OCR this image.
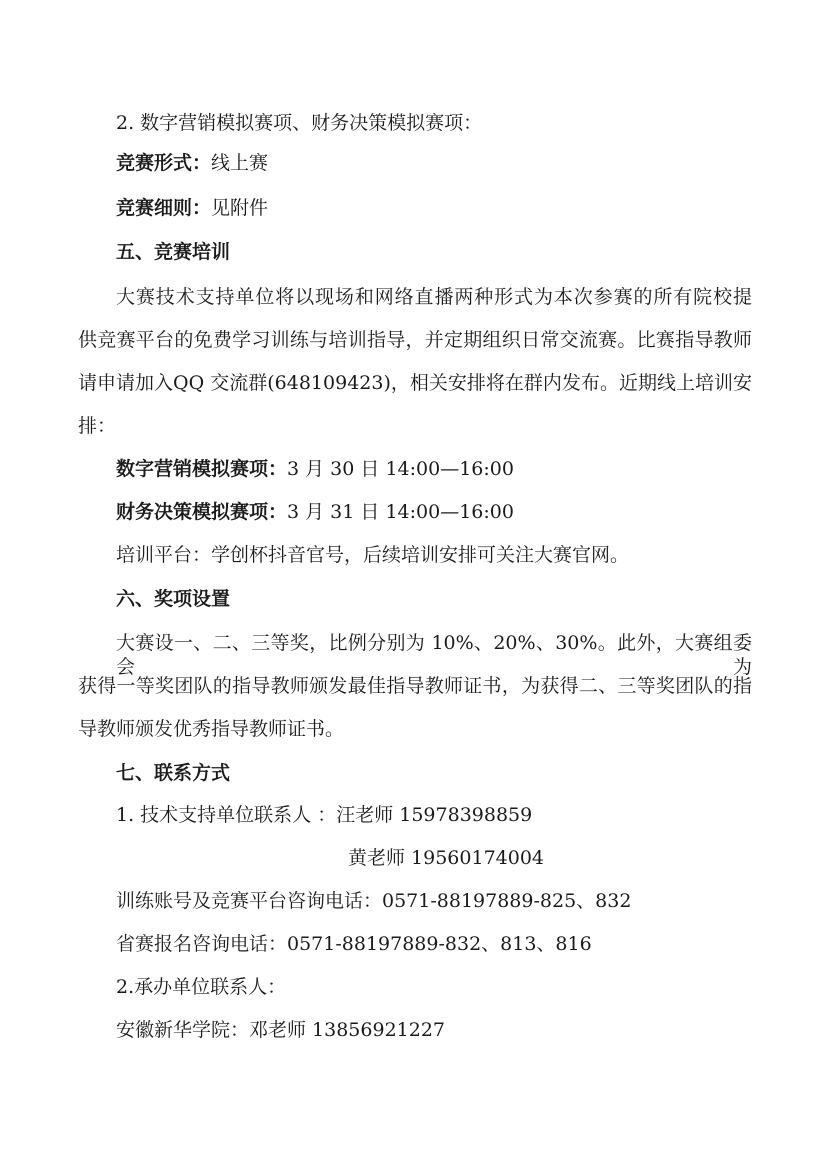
2. 数字营销模拟赛项、财务决策模拟赛项：
竞赛形式：线上赛
竞赛细则：见附件
五、竞赛培训
大赛技术支持单位将以现场和网络直播两种形式为本次参赛的所有院校提
供竞赛平台的免费学习训练与培训指导，并定期组织日常交流赛。比赛指导教师
请申请加入QQ 交流群(648109423)，相关安排将在群内发布。近期线上培训安
排：
数字营销模拟赛项：3 月 30 日 14:00—16:00
财务决策模拟赛项：3 月 31 日 14:00—16:00
培训平台：学创杯抖音官号，后续培训安排可关注大赛官网。
六、奖项设置
大赛设一、二、三等奖，比例分别为 10%、20%、30%。此外，大赛组委会为
获得一等奖团队的指导教师颁发最佳指导教师证书，为获得二、三等奖团队的指
导教师颁发优秀指导教师证书。
七、联系方式
1. 技术支持单位联系人 ：汪老师 15978398859
黄老师 19560174004
训练账号及竞赛平台咨询电话：0571-88197889-825、832
省赛报名咨询电话：0571-88197889-832、813、816
2.承办单位联系人：
安徽新华学院：邓老师 13856921227
